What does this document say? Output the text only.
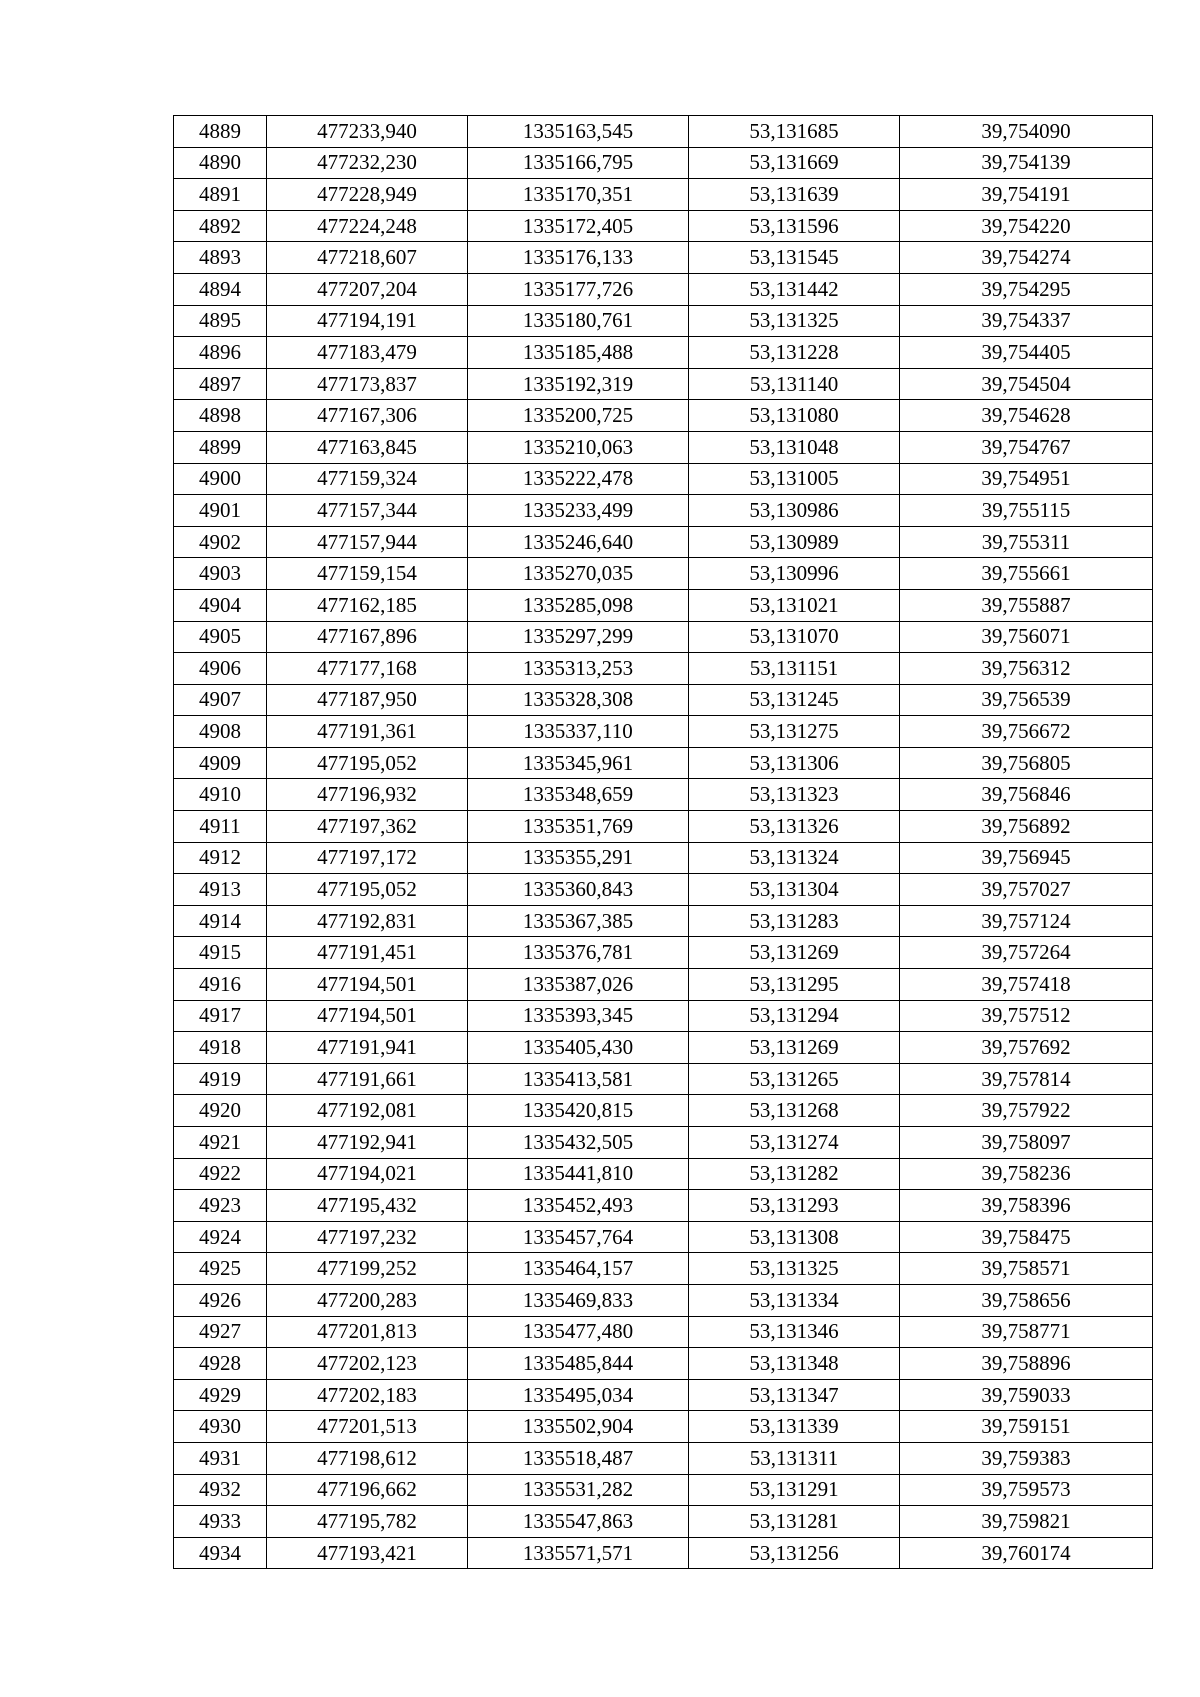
4889	477233,940	1335163,545	53,131685	39,754090
4890	477232,230	1335166,795	53,131669	39,754139
4891	477228,949	1335170,351	53,131639	39,754191
4892	477224,248	1335172,405	53,131596	39,754220
4893	477218,607	1335176,133	53,131545	39,754274
4894	477207,204	1335177,726	53,131442	39,754295
4895	477194,191	1335180,761	53,131325	39,754337
4896	477183,479	1335185,488	53,131228	39,754405
4897	477173,837	1335192,319	53,131140	39,754504
4898	477167,306	1335200,725	53,131080	39,754628
4899	477163,845	1335210,063	53,131048	39,754767
4900	477159,324	1335222,478	53,131005	39,754951
4901	477157,344	1335233,499	53,130986	39,755115
4902	477157,944	1335246,640	53,130989	39,755311
4903	477159,154	1335270,035	53,130996	39,755661
4904	477162,185	1335285,098	53,131021	39,755887
4905	477167,896	1335297,299	53,131070	39,756071
4906	477177,168	1335313,253	53,131151	39,756312
4907	477187,950	1335328,308	53,131245	39,756539
4908	477191,361	1335337,110	53,131275	39,756672
4909	477195,052	1335345,961	53,131306	39,756805
4910	477196,932	1335348,659	53,131323	39,756846
4911	477197,362	1335351,769	53,131326	39,756892
4912	477197,172	1335355,291	53,131324	39,756945
4913	477195,052	1335360,843	53,131304	39,757027
4914	477192,831	1335367,385	53,131283	39,757124
4915	477191,451	1335376,781	53,131269	39,757264
4916	477194,501	1335387,026	53,131295	39,757418
4917	477194,501	1335393,345	53,131294	39,757512
4918	477191,941	1335405,430	53,131269	39,757692
4919	477191,661	1335413,581	53,131265	39,757814
4920	477192,081	1335420,815	53,131268	39,757922
4921	477192,941	1335432,505	53,131274	39,758097
4922	477194,021	1335441,810	53,131282	39,758236
4923	477195,432	1335452,493	53,131293	39,758396
4924	477197,232	1335457,764	53,131308	39,758475
4925	477199,252	1335464,157	53,131325	39,758571
4926	477200,283	1335469,833	53,131334	39,758656
4927	477201,813	1335477,480	53,131346	39,758771
4928	477202,123	1335485,844	53,131348	39,758896
4929	477202,183	1335495,034	53,131347	39,759033
4930	477201,513	1335502,904	53,131339	39,759151
4931	477198,612	1335518,487	53,131311	39,759383
4932	477196,662	1335531,282	53,131291	39,759573
4933	477195,782	1335547,863	53,131281	39,759821
4934	477193,421	1335571,571	53,131256	39,760174
